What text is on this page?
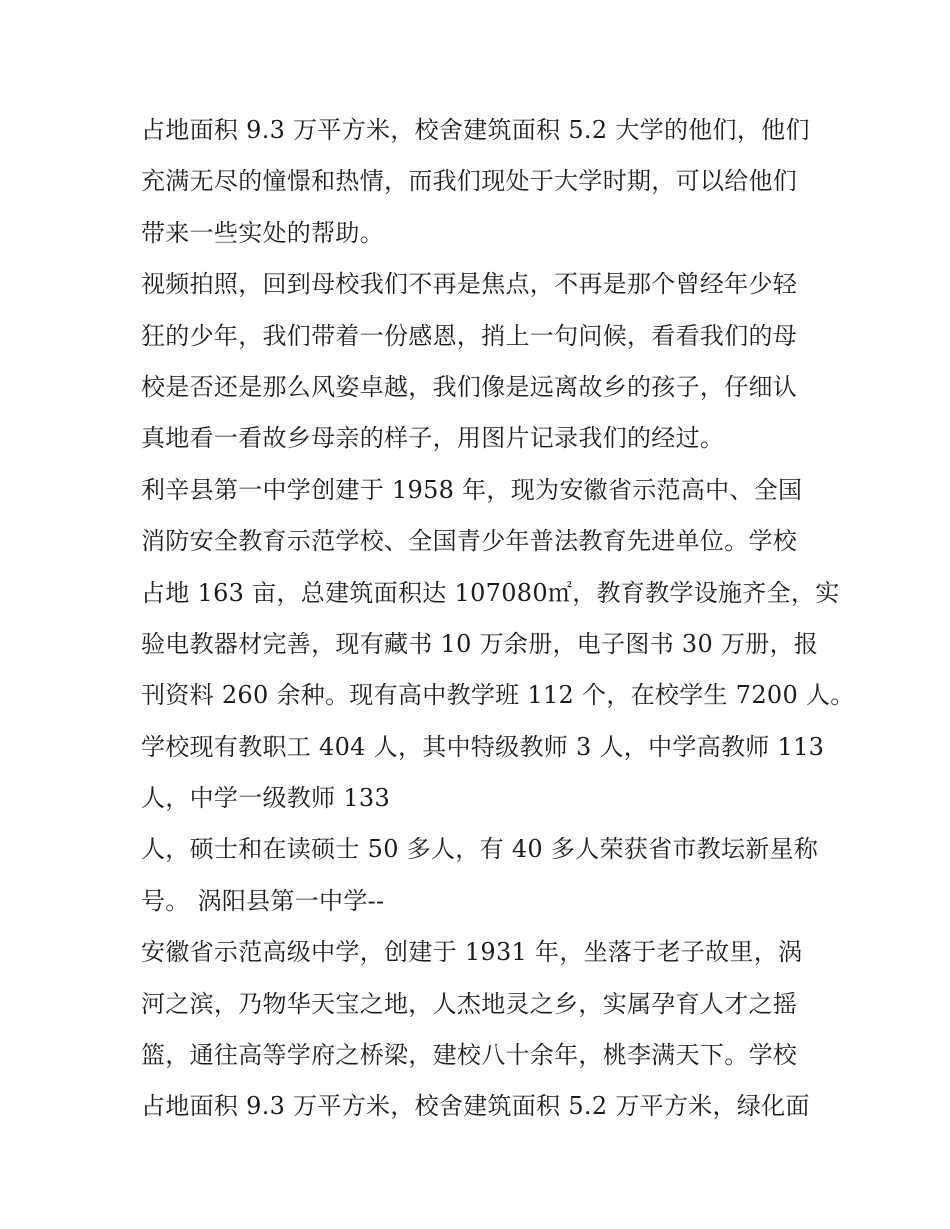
占地面积 9.3 万平方米，校舍建筑面积 5.2 大学的他们，他们
充满无尽的憧憬和热情，而我们现处于大学时期，可以给他们
带来一些实处的帮助。
视频拍照，回到母校我们不再是焦点，不再是那个曾经年少轻
狂的少年，我们带着一份感恩，捎上一句问候，看看我们的母
校是否还是那么风姿卓越，我们像是远离故乡的孩子，仔细认
真地看一看故乡母亲的样子，用图片记录我们的经过。
利辛县第一中学创建于 1958 年，现为安徽省示范高中、全国
消防安全教育示范学校、全国青少年普法教育先进单位。学校
占地 163 亩，总建筑面积达 107080㎡，教育教学设施齐全，实
验电教器材完善，现有藏书 10 万余册，电子图书 30 万册，报
刊资料 260 余种。现有高中教学班 112 个，在校学生 7200 人。
学校现有教职工 404 人，其中特级教师 3 人，中学高教师 113
人，中学一级教师 133
人，硕士和在读硕士 50 多人，有 40 多人荣获省市教坛新星称
号。 涡阳县第一中学--
安徽省示范高级中学，创建于 1931 年，坐落于老子故里，涡
河之滨，乃物华天宝之地，人杰地灵之乡，实属孕育人才之摇
篮，通往高等学府之桥梁，建校八十余年，桃李满天下。学校
占地面积 9.3 万平方米，校舍建筑面积 5.2 万平方米，绿化面
